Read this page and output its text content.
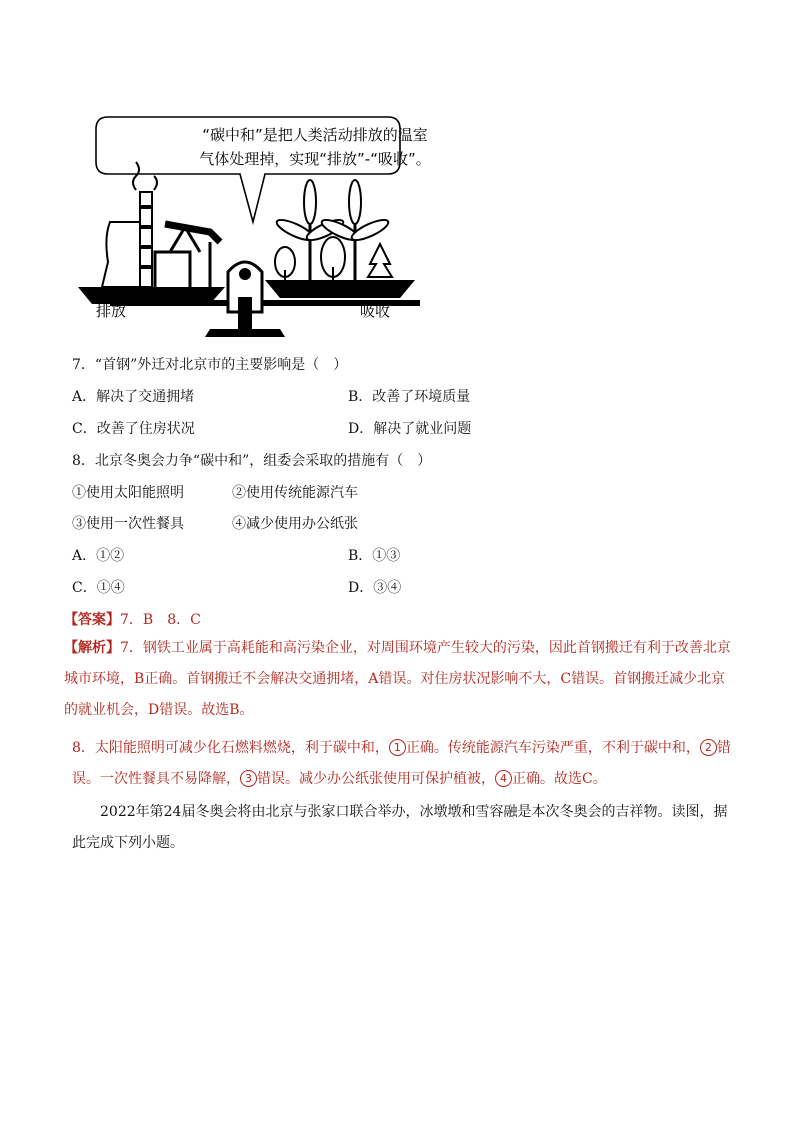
“碳中和”是把人类活动排放的温室
气体处理掉，实现“排放”-“吸收”。
排放	吸收
7．“首钢”外迁对北京市的主要影响是（　）
A．解决了交通拥堵	B．改善了环境质量
C．改善了住房状况	D．解决了就业问题
8．北京冬奥会力争“碳中和”，组委会采取的措施有（　）
①使用太阳能照明	②使用传统能源汽车
③使用一次性餐具	④减少使用办公纸张
A．①②	B．①③
C．①④	D．③④
【答案】7．B　8．C
【解析】7．钢铁工业属于高耗能和高污染企业，对周围环境产生较大的污染，因此首钢搬迁有利于改善北京城市环境，B正确。首钢搬迁不会解决交通拥堵，A错误。对住房状况影响不大，C错误。首钢搬迁减少北京的就业机会，D错误。故选B。
8．太阳能照明可减少化石燃料燃烧，利于碳中和， 1 正确。传统能源汽车污染严重，不利于碳中和， 2 错误。一次性餐具不易降解， 3 错误。减少办公纸张使用可保护植被， 4 正确。故选C。
2022年第24届冬奥会将由北京与张家口联合举办，冰墩墩和雪容融是本次冬奥会的吉祥物。读图，据此完成下列小题。
